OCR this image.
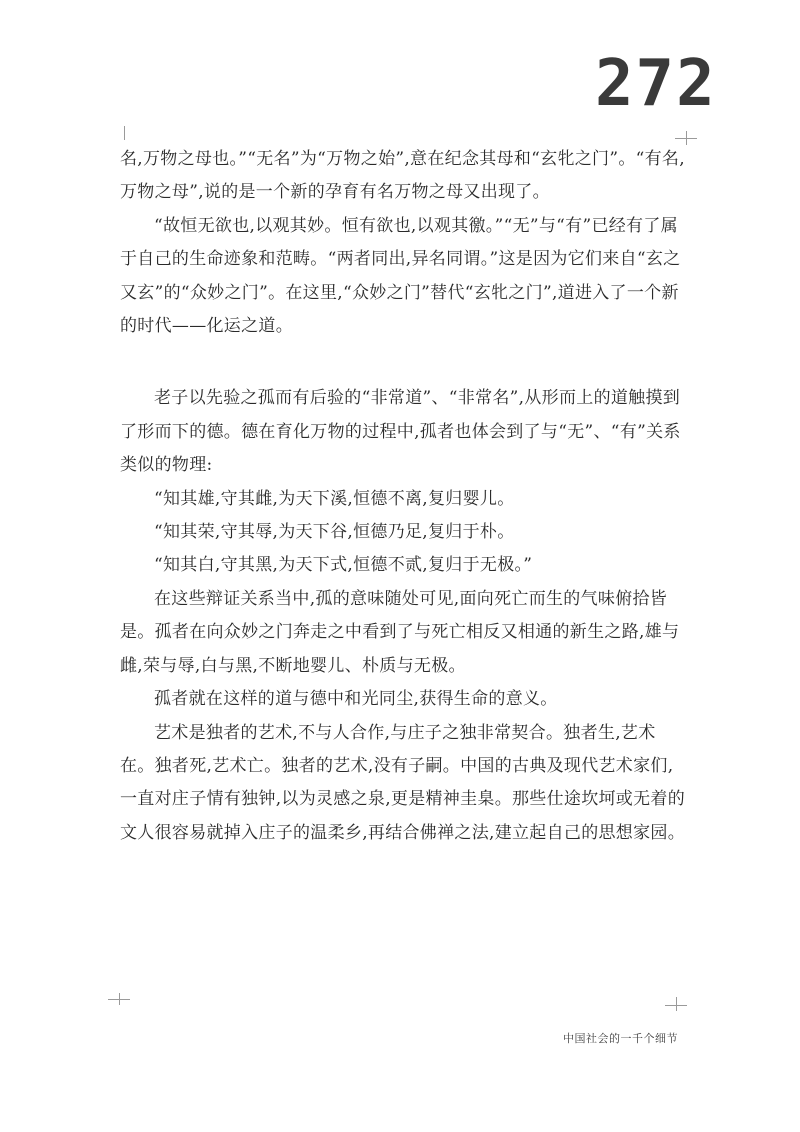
272

名,万物之母也。”“无名”为“万物之始”,意在纪念其母和“玄牝之门”。“有名,万物之母”,说的是一个新的孕育有名万物之母又出现了。

“故恒无欲也,以观其妙。恒有欲也,以观其徼。”“无”与“有”已经有了属于自己的生命迹象和范畴。“两者同出,异名同谓。”这是因为它们来自“玄之又玄”的“众妙之门”。在这里,“众妙之门”替代“玄牝之门”,道进入了一个新的时代——化运之道。

老子以先验之孤而有后验的“非常道”、“非常名”,从形而上的道触摸到了形而下的德。德在育化万物的过程中,孤者也体会到了与“无”、“有”关系类似的物理:

“知其雄,守其雌,为天下溪,恒德不离,复归婴儿。

“知其荣,守其辱,为天下谷,恒德乃足,复归于朴。

“知其白,守其黑,为天下式,恒德不贰,复归于无极。”

在这些辩证关系当中,孤的意味随处可见,面向死亡而生的气味俯拾皆是。孤者在向众妙之门奔走之中看到了与死亡相反又相通的新生之路,雄与雌,荣与辱,白与黑,不断地婴儿、朴质与无极。

孤者就在这样的道与德中和光同尘,获得生命的意义。

艺术是独者的艺术,不与人合作,与庄子之独非常契合。独者生,艺术在。独者死,艺术亡。独者的艺术,没有子嗣。中国的古典及现代艺术家们,一直对庄子情有独钟,以为灵感之泉,更是精神圭臬。那些仕途坎坷或无着的文人很容易就掉入庄子的温柔乡,再结合佛禅之法,建立起自己的思想家园。

中国社会的一千个细节
